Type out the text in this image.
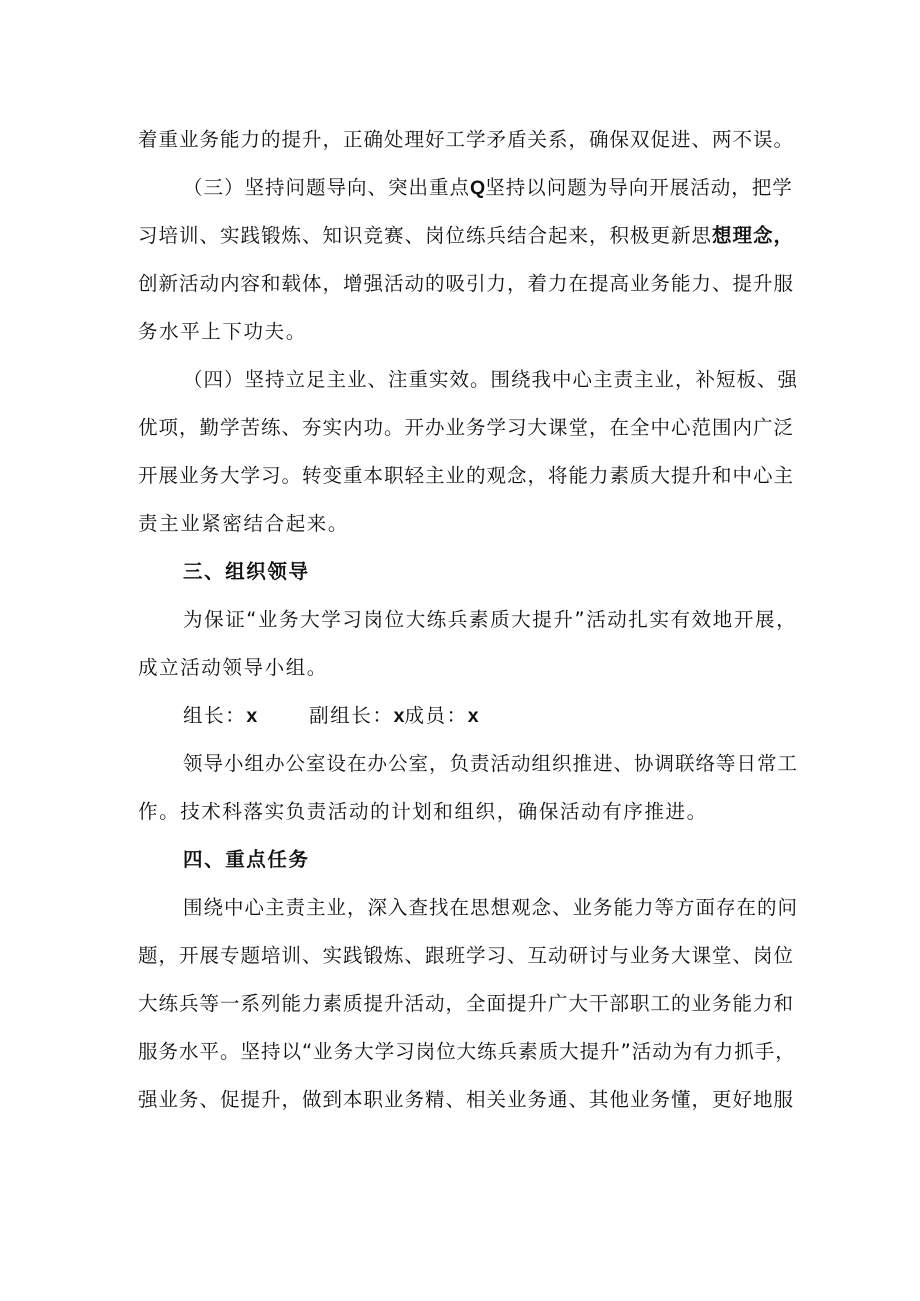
着重业务能力的提升，正确处理好工学矛盾关系，确保双促进、两不误。
（三）坚持问题导向、突出重点Q坚持以问题为导向开展活动，把学
习培训、实践锻炼、知识竞赛、岗位练兵结合起来，积极更新思想理念，
创新活动内容和载体，增强活动的吸引力，着力在提高业务能力、提升服
务水平上下功夫。
（四）坚持立足主业、注重实效。围绕我中心主责主业，补短板、强
优项，勤学苦练、夯实内功。开办业务学习大课堂，在全中心范围内广泛
开展业务大学习。转变重本职轻主业的观念，将能力素质大提升和中心主
责主业紧密结合起来。
三、组织领导
为保证“业务大学习岗位大练兵素质大提升”活动扎实有效地开展，
成立活动领导小组。
组长：x	副组长：x成员：x
领导小组办公室设在办公室，负责活动组织推进、协调联络等日常工
作。技术科落实负责活动的计划和组织，确保活动有序推进。
四、重点任务
围绕中心主责主业，深入查找在思想观念、业务能力等方面存在的问
题，开展专题培训、实践锻炼、跟班学习、互动研讨与业务大课堂、岗位
大练兵等一系列能力素质提升活动，全面提升广大干部职工的业务能力和
服务水平。坚持以“业务大学习岗位大练兵素质大提升”活动为有力抓手，
强业务、促提升，做到本职业务精、相关业务通、其他业务懂，更好地服
